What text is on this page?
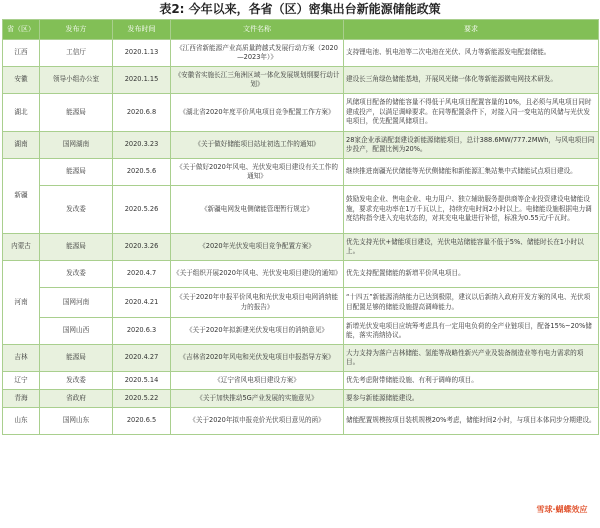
表2: 今年以来，各省（区）密集出台新能源储能政策
省（区）	发布方	发布时间	文件名称	要求
江西	工信厅	2020.1.13	《江西省新能源产业高质量跨越式发展行动方案（2020—2023年）》	支持锂电池、钒电池等二次电池在光伏、风力等新能源发电配套储能。
安徽	领导小组办公室	2020.1.15	《安徽省实施长江三角洲区域一体化发展规划纲要行动计划》	建设长三角绿色储能基地，开展风光储一体化等新能源微电网技术研发。
湖北	能源局	2020.6.8	《湖北省2020年度平价风电项目竞争配置工作方案》	风储项目配备的储能容量不得低于风电项目配置容量的10%，且必须与风电项目同时建成投产，以满足调峰要求。在同等配置条件下，对接入同一变电站的风储与光伏发电项目，优先配置风储项目。
湖南	国网湖南	2020.3.23	《关于做好储能项目站址初选工作的通知》	28家企业承诺配套建设新能源储能项目，总计388.6MW/777.2MWh，与风电项目同步投产，配置比例为20%。
新疆	能源局	2020.5.6	《关于做好2020年风电、光伏发电项目建设有关工作的通知》	继续推进南疆光伏储能等光伏侧储能和新能源汇集站集中式储能试点项目建设。
	发改委	2020.5.26	《新疆电网发电侧储能管理暂行规定》	鼓励发电企业、售电企业、电力用户、独立辅助服务提供商等企业投资建设电储能设施，要求充电功率在1万千瓦以上，持续充电时间2小时以上。电储能设施根据电力调度结构指令进入充电状态的，对其充电电量进行补偿，标准为0.55元/千瓦时。
内蒙古	能源局	2020.3.26	《2020年光伏发电项目竞争配置方案》	优先支持光伏+储能项目建设，光伏电站储能容量不低于5%、储能时长在1小时以上。
河南	发改委	2020.4.7	《关于组织开展2020年风电、光伏发电项目建设的通知》	优先支持配置储能的新增平价风电项目。
	国网河南	2020.4.21	《关于2020年申报平价风电和光伏发电项目电网消纳能力的报告》	“十四五”新能源消纳能力已达到极限，建议以后新纳入政府开发方案的风电、光伏项目配置足够的储能设施提高调峰能力。
	国网山西	2020.6.3	《关于2020年拟新建光伏发电项目的消纳意见》	新增光伏发电项目应统筹考虑具有一定用电负荷的全产业链项目，配备15%~20%储能，落实消纳协议。
吉林	能源局	2020.4.27	《吉林省2020年风电和光伏发电项目申报指导方案》	大力支持为落户吉林储能、氢能等战略性新兴产业及装备制造业等有电力需求的项目。
辽宁	发改委	2020.5.14	《辽宁省风电项目建设方案》	优先考虑附带储能设施、有利于调峰的项目。
青海	省政府	2020.5.22	《关于加快推动5G产业发展的实施意见》	要参与新能源储能建设。
山东	国网山东	2020.6.5	《关于2020年拟申报竞价光伏项目意见的函》	储能配置规模按项目装机规模20%考虑，储能时间2小时，与项目本体同步分期建设。
雪球·蝴蝶效应
